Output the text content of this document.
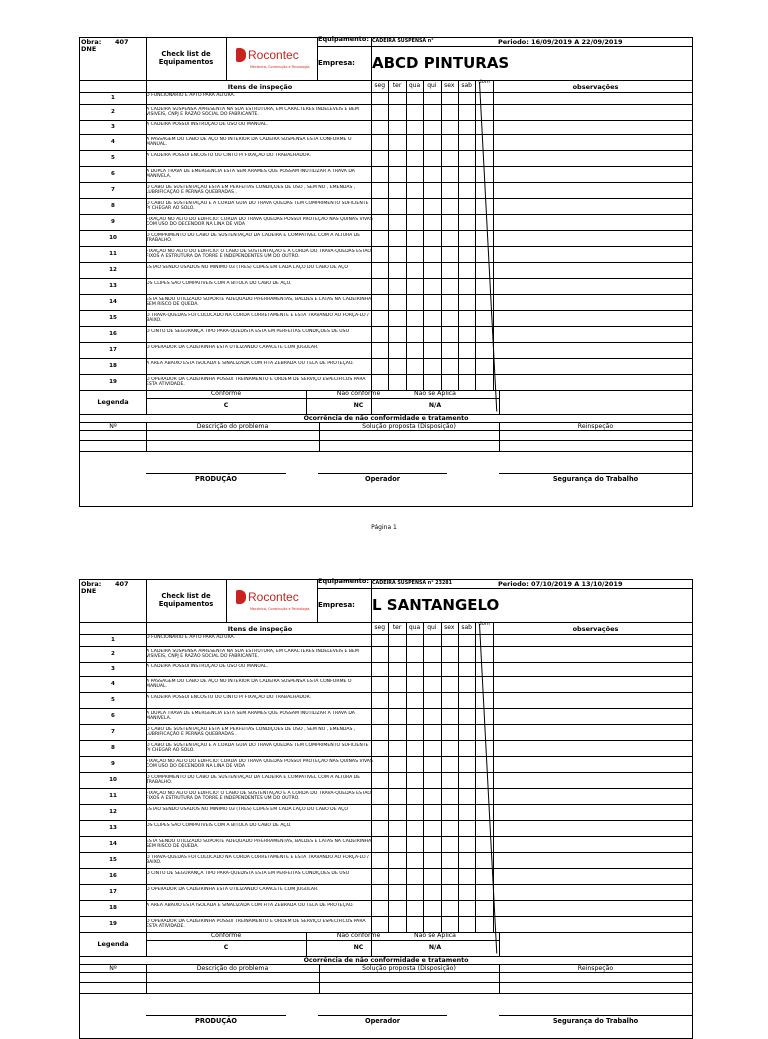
Obra: 407
DNE
Check list de Equipamentos	Rocontec
Mecânica, Construção e Tecnologia
Equipamento: CADEIRA SUSPENSA n°	Periodo: 16/09/2019 A 22/09/2019
Empresa: ABCD PINTURAS
Itens de inspeção	seg	ter	qua	qui	sex	sab	dom
observações
1	O FUNCIONARIO É APTO PARA ALTURA.
2	A CADEIRA SUSPENSA APRESENTA NA SUA ESTRUTURA, EM CARACTERES INDELEVEIS E BEM VISIVEIS, CNPJ E RAZÃO SOCIAL DO FABRICANTE.
3	A CADEIRA POSSUI INSTRUÇÃO DE USO OU MANUAL.
4	A PASSAGEM DO CABO DE AÇO NO INTERIOR DA CADEIRA SUSPENSA ESTA CONFORME O MANUAL.
5	A CADEIRA POSSUI ENCOSTO OU CINTO P/ FIXAÇÃO DO TRABALHADOR.
6	A DUPLA TRAVA DE EMERGENCIA ESTA SEM ARAMES QUE POSSAM INUTILIZAR A TRAVA DA MANIVELA.
7	O CABO DE SUSTENTAÇÃO ESTA EM PERFEITAS CONDIÇÕES DE USO , SEM NÓ , EMENDAS , LUBRIFICAÇÃO E PERNAS QUEBRADAS .
8	O CABO DE SUSTENTAÇÃO E A CORDA GUIA DO TRAVA QUEDAS TEM COMPRIMENTO SUFICIENTE P/ CHEGAR AO SOLO.
9	FIXAÇÃO NO ALTO DO EDIFICIO: CORDA DO TRAVA QUEDAS POSSUI PROTEÇÃO NAS QUINAS VIVAS COM USO DO DECENDOR NA LINA DE VIDA
10	O COMPRIMENTO DO CABO DE SUSTENTAÇÃO DA CADEIRA É COMPATIVEL COM A ALTURA DE TRABALHO.
11	FIXAÇÃO NO ALTO DO EDIFICIO: O CABO DE SUSTENTAÇÃO E A CORDA DO TRAVA-QUEDAS ESTÃO FIXOS A ESTRUTURA DA TORRE E INDEPENDENTES UM DO OUTRO.
12	ESTÃO SENDO USADOS NO MINIMO 03 (TRÊS) CLIPES EM CADA LAÇO DO CABO DE AÇO
13	OS CLIPES SÃO COMPATIVEIS COM A BITOLA DO CABO DE AÇO.
14	ESTA SENDO UTILIZADO SUPORTE ADEQUADO P/FERRAMENTAS, BALDES E LATAS NA CADEIRINHA SEM RISCO DE QUEDA.
15	O TRAVA-QUEDAS FOI COLOCADO NA CORDA CORRETAMENTE E ESTA TRAVANDO AO FORÇÁ-LO / BAIXO.
16	O CINTO DE SEGURANÇA TIPO PARA-QUEDISTA ESTA EM PERFEITAS CONDIÇÕES DE USO
17	O OPERADOR DA CADEIRINHA ESTA UTILIZANDO CAPACETE COM JUGULAR.
18	A AREA ABAIXO ESTA ISOLADA E SINALIZADA COM FITA ZEBRADA OU TELA DE PROTEÇÃO.
19	O OPERADOR DA CADEIRINHA POSSUI TREINAMENTO E ORDEM DE SERVIÇO ESPECIFICOS PARA ESTA ATIVIDADE.
Legenda
Conforme
C
Não conforme
NC
Não se Aplica
N/A
Ocorrência de não conformidade e tratamento
Nº	Descrição do problema	Solução proposta (Disposição)	Reinspeção
PRODUÇÃO	Operador	Segurança do Trabalho
Página 1
Obra: 407
DNE
Check list de Equipamentos	Rocontec
Mecânica, Construção e Tecnologia
Equipamento: CADEIRA SUSPENSA n° 23281	Periodo: 07/10/2019 A 13/10/2019
Empresa: L SANTANGELO
Itens de inspeção	seg	ter	qua	qui	sex	sab	dom
observações
1	O FUNCIONARIO É APTO PARA ALTURA.
2	A CADEIRA SUSPENSA APRESENTA NA SUA ESTRUTURA, EM CARACTERES INDELEVEIS E BEM VISIVEIS, CNPJ E RAZÃO SOCIAL DO FABRICANTE.
3	A CADEIRA POSSUI INSTRUÇÃO DE USO OU MANUAL.
4	A PASSAGEM DO CABO DE AÇO NO INTERIOR DA CADEIRA SUSPENSA ESTA CONFORME O MANUAL.
5	A CADEIRA POSSUI ENCOSTO OU CINTO P/ FIXAÇÃO DO TRABALHADOR.
6	A DUPLA TRAVA DE EMERGENCIA ESTA SEM ARAMES QUE POSSAM INUTILIZAR A TRAVA DA MANIVELA.
7	O CABO DE SUSTENTAÇÃO ESTA EM PERFEITAS CONDIÇÕES DE USO , SEM NÓ , EMENDAS , LUBRIFICAÇÃO E PERNAS QUEBRADAS .
8	O CABO DE SUSTENTAÇÃO E A CORDA GUIA DO TRAVA QUEDAS TEM COMPRIMENTO SUFICIENTE P/ CHEGAR AO SOLO.
9	FIXAÇÃO NO ALTO DO EDIFICIO: CORDA DO TRAVA QUEDAS POSSUI PROTEÇÃO NAS QUINAS VIVAS COM USO DO DECENDOR NA LINA DE VIDA
10	O COMPRIMENTO DO CABO DE SUSTENTAÇÃO DA CADEIRA É COMPATIVEL COM A ALTURA DE TRABALHO.
11	FIXAÇÃO NO ALTO DO EDIFICIO: O CABO DE SUSTENTAÇÃO E A CORDA DO TRAVA-QUEDAS ESTÃO FIXOS A ESTRUTURA DA TORRE E INDEPENDENTES UM DO OUTRO.
12	ESTÃO SENDO USADOS NO MINIMO 03 (TRÊS) CLIPES EM CADA LAÇO DO CABO DE AÇO
13	OS CLIPES SÃO COMPATIVEIS COM A BITOLA DO CABO DE AÇO.
14	ESTA SENDO UTILIZADO SUPORTE ADEQUADO P/FERRAMENTAS, BALDES E LATAS NA CADEIRINHA SEM RISCO DE QUEDA.
15	O TRAVA-QUEDAS FOI COLOCADO NA CORDA CORRETAMENTE E ESTA TRAVANDO AO FORÇÁ-LO / BAIXO.
16	O CINTO DE SEGURANÇA TIPO PARA-QUEDISTA ESTA EM PERFEITAS CONDIÇÕES DE USO
17	O OPERADOR DA CADEIRINHA ESTA UTILIZANDO CAPACETE COM JUGULAR.
18	A AREA ABAIXO ESTA ISOLADA E SINALIZADA COM FITA ZEBRADA OU TELA DE PROTEÇÃO.
19	O OPERADOR DA CADEIRINHA POSSUI TREINAMENTO E ORDEM DE SERVIÇO ESPECIFICOS PARA ESTA ATIVIDADE.
Legenda
Conforme
C
Não conforme
NC
Não se Aplica
N/A
Ocorrência de não conformidade e tratamento
Nº	Descrição do problema	Solução proposta (Disposição)	Reinspeção
PRODUÇÃO	Operador	Segurança do Trabalho
